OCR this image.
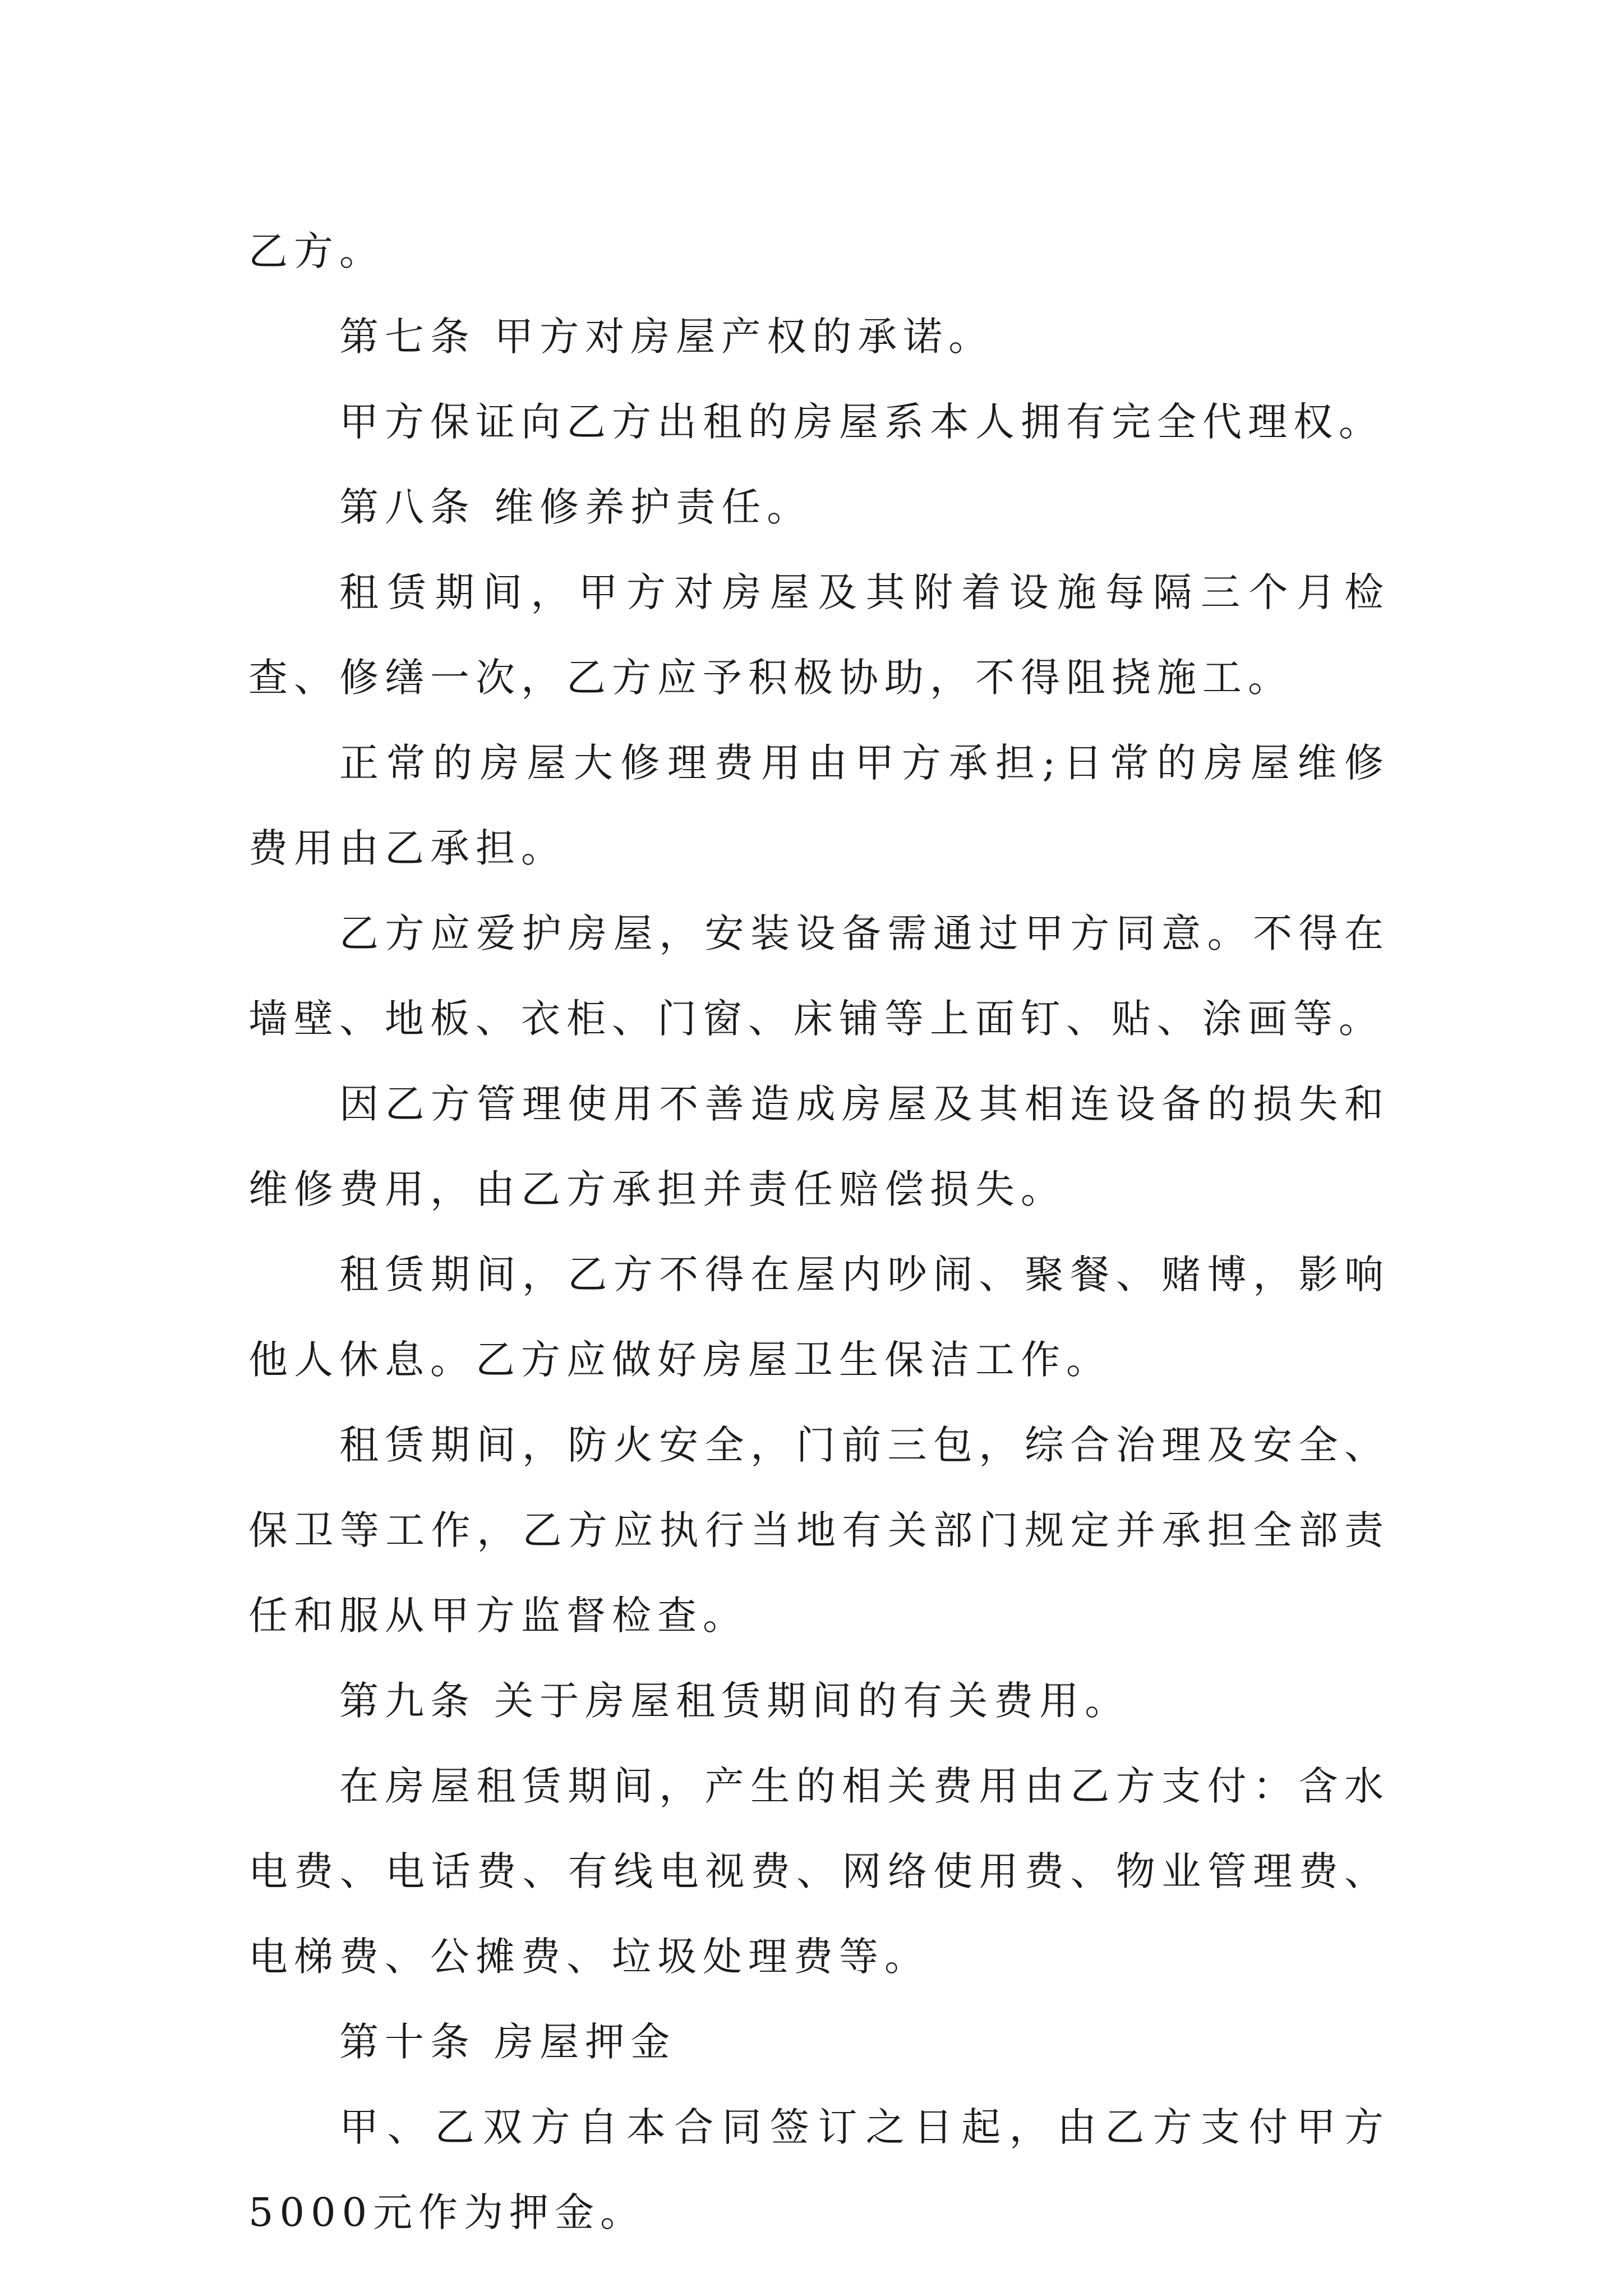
乙方。

第七条 甲方对房屋产权的承诺。

甲方保证向乙方出租的房屋系本人拥有完全代理权。

第八条 维修养护责任。

租赁期间，甲方对房屋及其附着设施每隔三个月检查、修缮一次，乙方应予积极协助，不得阻挠施工。

正常的房屋大修理费用由甲方承担;日常的房屋维修费用由乙承担。

乙方应爱护房屋，安装设备需通过甲方同意。不得在墙壁、地板、衣柜、门窗、床铺等上面钉、贴、涂画等。

因乙方管理使用不善造成房屋及其相连设备的损失和维修费用，由乙方承担并责任赔偿损失。

租赁期间，乙方不得在屋内吵闹、聚餐、赌博，影响他人休息。乙方应做好房屋卫生保洁工作。

租赁期间，防火安全，门前三包，综合治理及安全、保卫等工作，乙方应执行当地有关部门规定并承担全部责任和服从甲方监督检查。

第九条 关于房屋租赁期间的有关费用。

在房屋租赁期间，产生的相关费用由乙方支付：含水电费、电话费、有线电视费、网络使用费、物业管理费、电梯费、公摊费、垃圾处理费等。

第十条 房屋押金

甲、乙双方自本合同签订之日起，由乙方支付甲方5000元作为押金。
